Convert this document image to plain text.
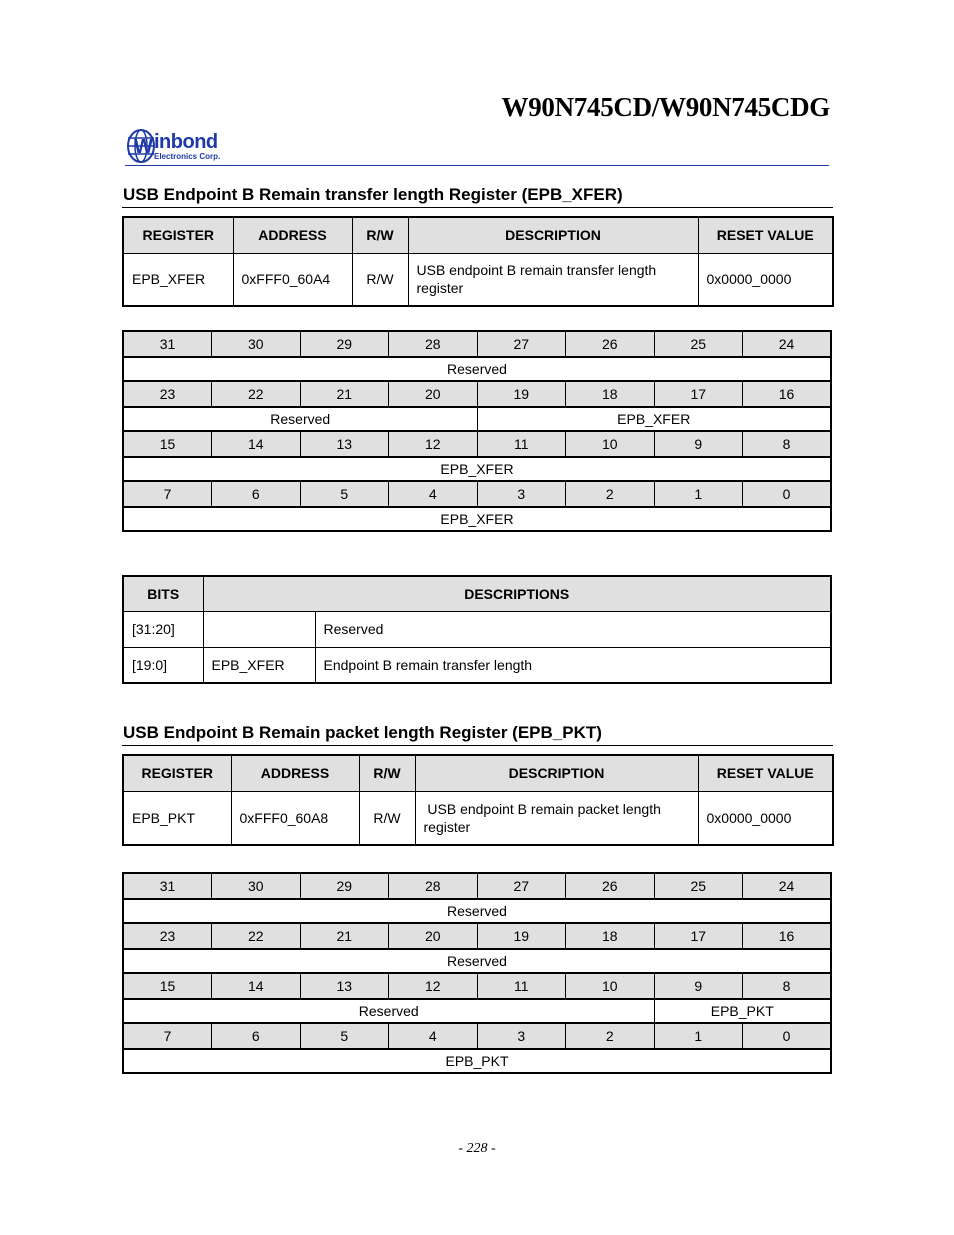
W90N745CD/W90N745CDG
W inbond
Electronics Corp.
USB Endpoint B Remain transfer length Register (EPB_XFER)
REGISTER	ADDRESS	R/W	DESCRIPTION	RESET VALUE
EPB_XFER	0xFFF0_60A4	R/W	USB endpoint B remain transfer length register	0x0000_0000
31	30	29	28	27	26	25	24
Reserved							
23	22	21	20	19	18	17	16
Reserved				EPB_XFER			
15	14	13	12	11	10	9	8
EPB_XFER							
7	6	5	4	3	2	1	0
EPB_XFER							
BITS	DESCRIPTIONS	
[31:20]		Reserved
[19:0]	EPB_XFER	Endpoint B remain transfer length
USB Endpoint B Remain packet length Register (EPB_PKT)
REGISTER	ADDRESS	R/W	DESCRIPTION	RESET VALUE
EPB_PKT	0xFFF0_60A8	R/W	USB endpoint B remain packet length register	0x0000_0000
31	30	29	28	27	26	25	24
Reserved							
23	22	21	20	19	18	17	16
Reserved							
15	14	13	12	11	10	9	8
Reserved						EPB_PKT	
7	6	5	4	3	2	1	0
EPB_PKT							
- 228 -
